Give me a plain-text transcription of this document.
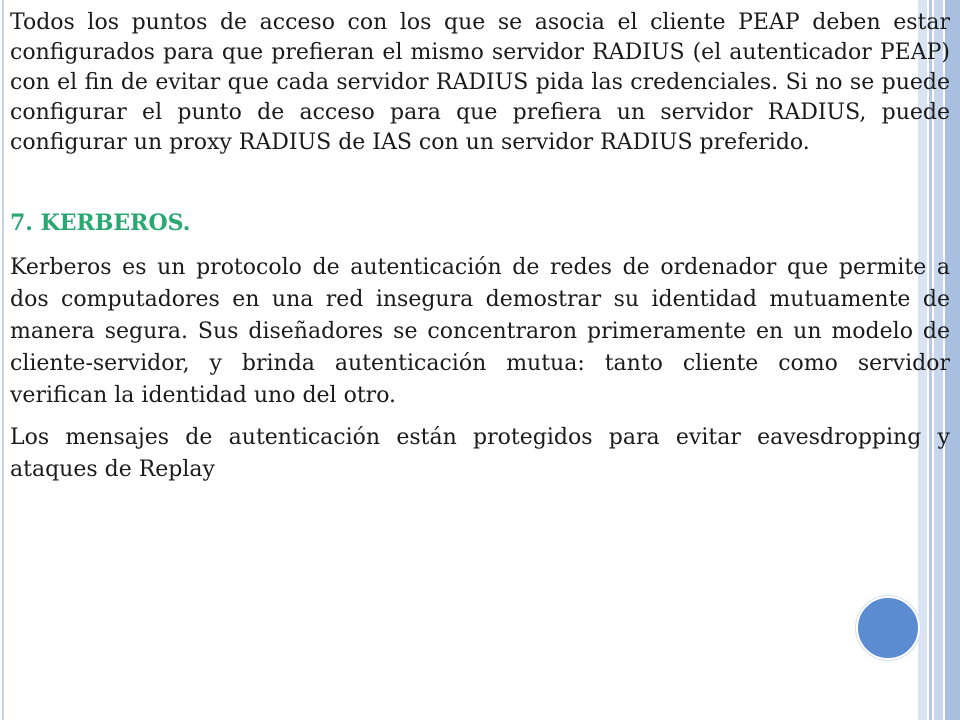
Todos los puntos de acceso con los que se asocia el cliente PEAP deben estar configurados para que prefieran el mismo servidor RADIUS (el autenticador PEAP) con el fin de evitar que cada servidor RADIUS pida las credenciales. Si no se puede configurar el punto de acceso para que prefiera un servidor RADIUS, puede configurar un proxy RADIUS de IAS con un servidor RADIUS preferido.

7. KERBEROS.

Kerberos es un protocolo de autenticación de redes de ordenador que permite a dos computadores en una red insegura demostrar su identidad mutuamente de manera segura. Sus diseñadores se concentraron primeramente en un modelo de cliente-servidor, y brinda autenticación mutua: tanto cliente como servidor verifican la identidad uno del otro.

Los mensajes de autenticación están protegidos para evitar eavesdropping y ataques de Replay
